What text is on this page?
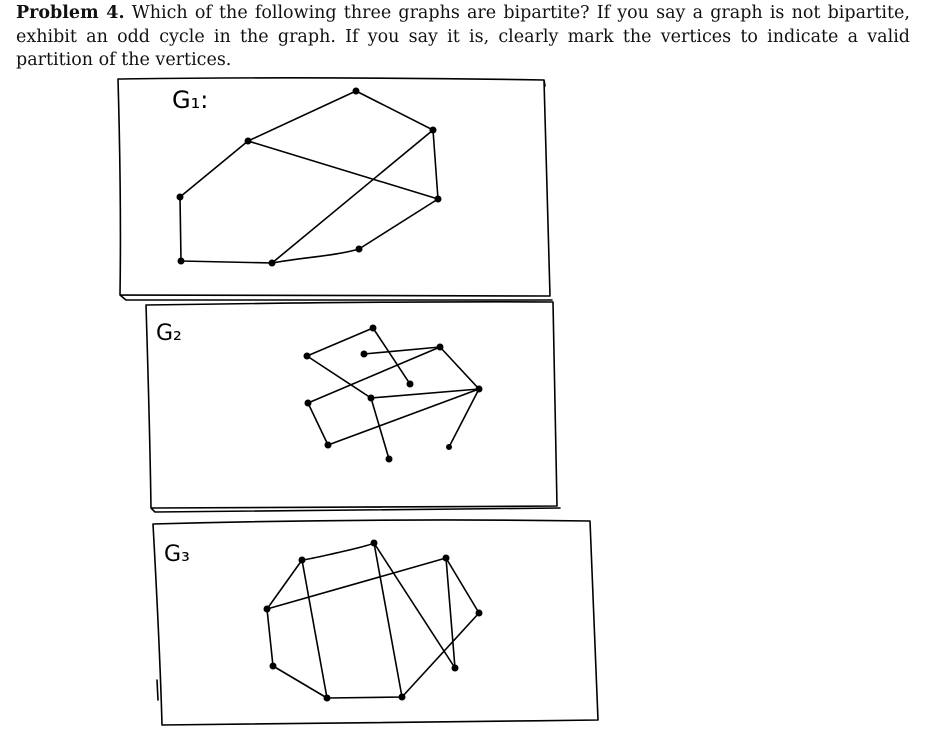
Problem 4. Which of the following three graphs are bipartite? If you say a graph is not bipartite, exhibit an odd cycle in the graph. If you say it is, clearly mark the vertices to indicate a valid partition of the vertices.
G₁:
G₂
G₃
